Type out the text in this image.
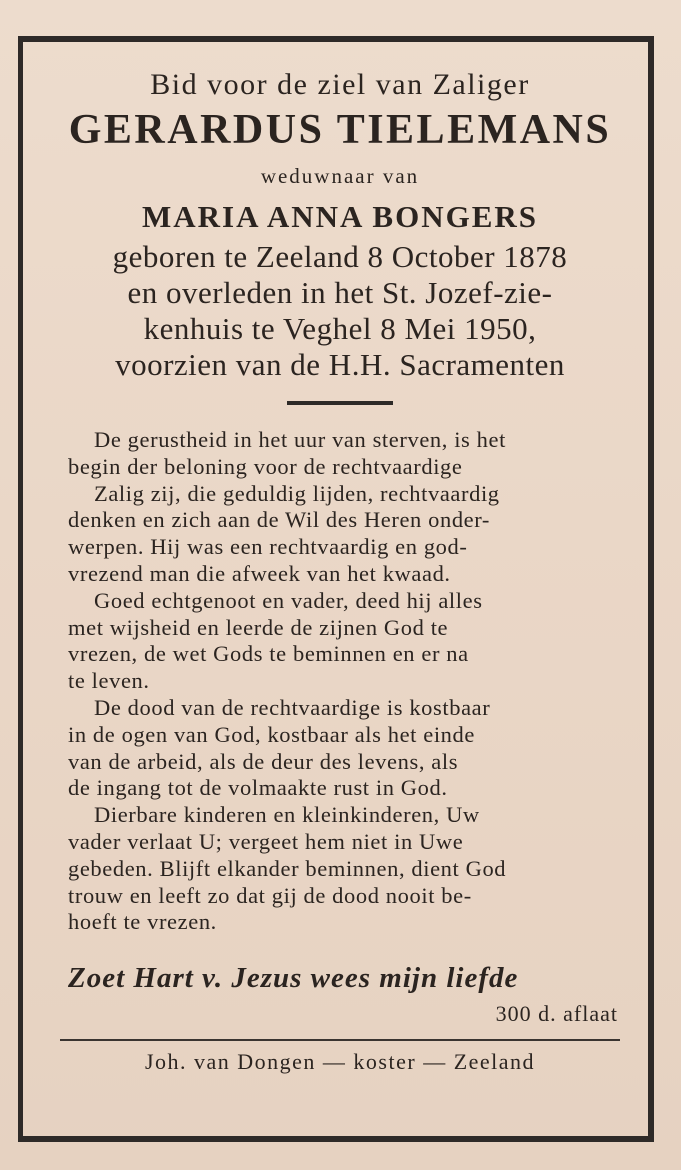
Bid voor de ziel van Zaliger
GERARDUS TIELEMANS
weduwnaar van
MARIA ANNA BONGERS
geboren te Zeeland 8 October 1878
en overleden in het St. Jozef-zie-
kenhuis te Veghel 8 Mei 1950,
voorzien van de H.H. Sacramenten
De gerustheid in het uur van sterven, is het
begin der beloning voor de rechtvaardige
Zalig zij, die geduldig lijden, rechtvaardig
denken en zich aan de Wil des Heren onder-
werpen. Hij was een rechtvaardig en god-
vrezend man die afweek van het kwaad.
Goed echtgenoot en vader, deed hij alles
met wijsheid en leerde de zijnen God te
vrezen, de wet Gods te beminnen en er na
te leven.
De dood van de rechtvaardige is kostbaar
in de ogen van God, kostbaar als het einde
van de arbeid, als de deur des levens, als
de ingang tot de volmaakte rust in God.
Dierbare kinderen en kleinkinderen, Uw
vader verlaat U; vergeet hem niet in Uwe
gebeden. Blijft elkander beminnen, dient God
trouw en leeft zo dat gij de dood nooit be-
hoeft te vrezen.
Zoet Hart v. Jezus wees mijn liefde
300 d. aflaat
Joh. van Dongen — koster — Zeeland
